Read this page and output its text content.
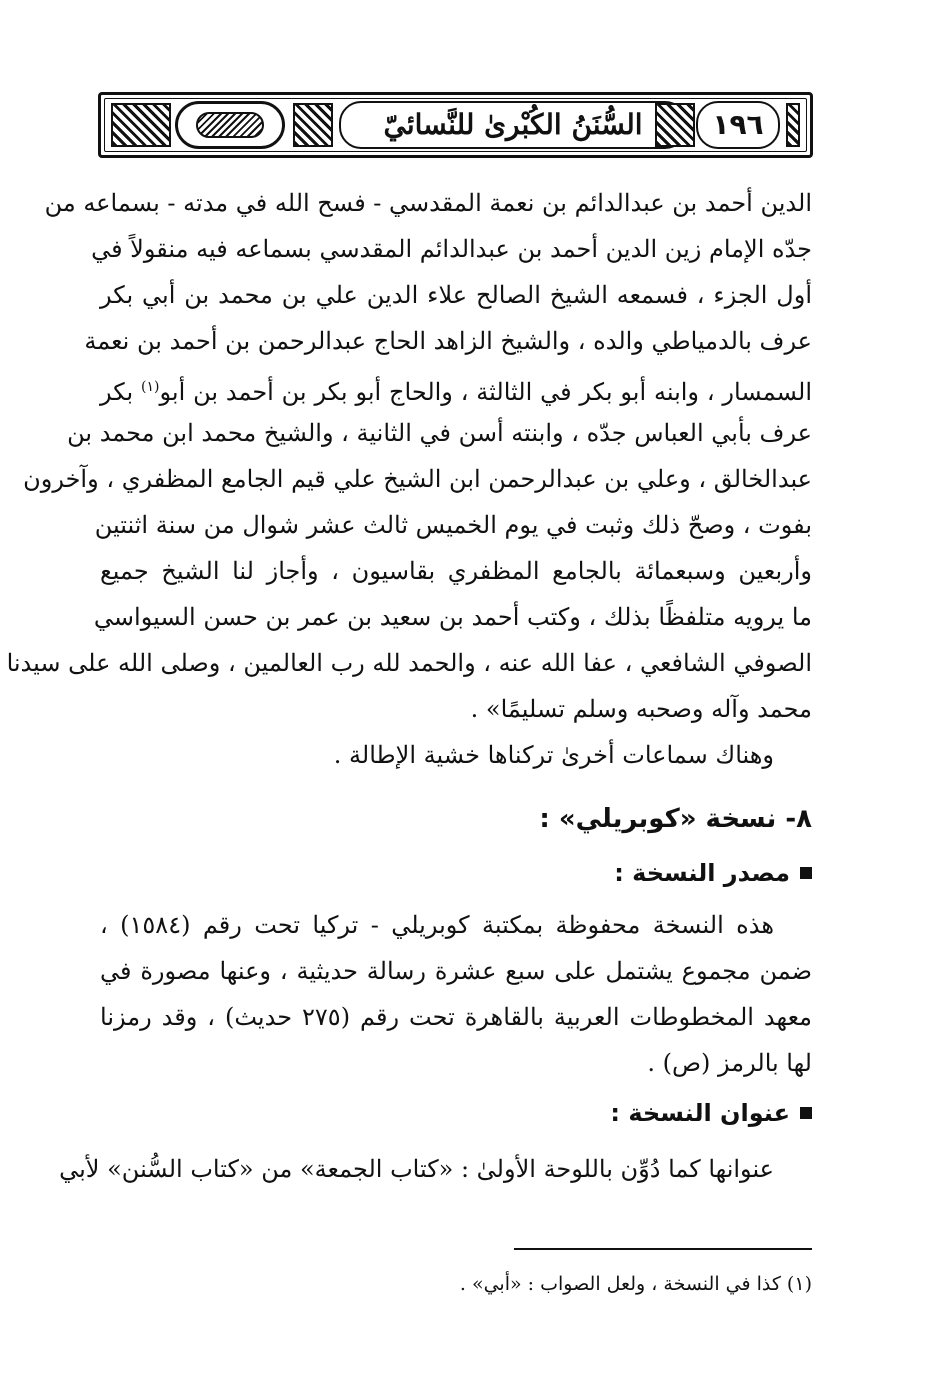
السُّنَنُ الكُبْرىٰ للنَّسائيّ ١٩٦
الدين أحمد بن عبدالدائم بن نعمة المقدسي - فسح الله في مدته - بسماعه من
جدّه الإمام زين الدين أحمد بن عبدالدائم المقدسي بسماعه فيه منقولاً في
أول الجزء ، فسمعه الشيخ الصالح علاء الدين علي بن محمد بن أبي بكر
عرف بالدمياطي والده ، والشيخ الزاهد الحاج عبدالرحمن بن أحمد بن نعمة
السمسار ، وابنه أبو بكر في الثالثة ، والحاج أبو بكر بن أحمد بن أبو$^{(١)}$ بكر
عرف بأبي العباس جدّه ، وابنته أسن في الثانية ، والشيخ محمد ابن محمد بن
عبدالخالق ، وعلي بن عبدالرحمن ابن الشيخ علي قيم الجامع المظفري ، وآخرون
بفوت ، وصحّ ذلك وثبت في يوم الخميس ثالث عشر شوال من سنة اثنتين
وأربعين وسبعمائة بالجامع المظفري بقاسيون ، وأجاز لنا الشيخ جميع
ما يرويه متلفظًا بذلك ، وكتب أحمد بن سعيد بن عمر بن حسن السيواسي
الصوفي الشافعي ، عفا الله عنه ، والحمد لله رب العالمين ، وصلى الله على سيدنا
محمد وآله وصحبه وسلم تسليمًا» .
وهناك سماعات أخرىٰ تركناها خشية الإطالة .
٨- نسخة «كوبريلي» :
مصدر النسخة :
هذه النسخة محفوظة بمكتبة كوبريلي - تركيا تحت رقم (١٥٨٤) ،
ضمن مجموع يشتمل على سبع عشرة رسالة حديثية ، وعنها مصورة في
معهد المخطوطات العربية بالقاهرة تحت رقم (٢٧٥ حديث) ، وقد رمزنا
لها بالرمز (ص) .
عنوان النسخة :
عنوانها كما دُوِّن باللوحة الأولىٰ : «كتاب الجمعة» من «كتاب السُّنن» لأبي
(١) كذا في النسخة ، ولعل الصواب : «أبي» .
